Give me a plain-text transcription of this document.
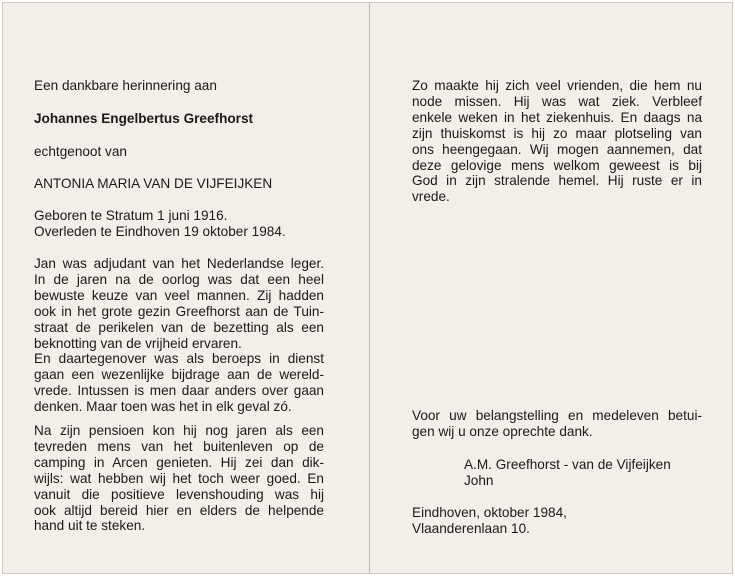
Een dankbare herinnering aan
Johannes Engelbertus Greefhorst
echtgenoot van
ANTONIA MARIA VAN DE VIJFEIJKEN
Geboren te Stratum 1 juni 1916.
Overleden te Eindhoven 19 oktober 1984.
Jan was adjudant van het Nederlandse leger.
In de jaren na de oorlog was dat een heel
bewuste keuze van veel mannen. Zij hadden
ook in het grote gezin Greefhorst aan de Tuin-
straat de perikelen van de bezetting als een
beknotting van de vrijheid ervaren.
En daartegenover was als beroeps in dienst
gaan een wezenlijke bijdrage aan de wereld-
vrede. Intussen is men daar anders over gaan
denken. Maar toen was het in elk geval zó.
Na zijn pensioen kon hij nog jaren als een
tevreden mens van het buitenleven op de
camping in Arcen genieten. Hij zei dan dik-
wijls: wat hebben wij het toch weer goed. En
vanuit die positieve levenshouding was hij
ook altijd bereid hier en elders de helpende
hand uit te steken.
Zo maakte hij zich veel vrienden, die hem nu
node missen. Hij was wat ziek. Verbleef
enkele weken in het ziekenhuis. En daags na
zijn thuiskomst is hij zo maar plotseling van
ons heengegaan. Wij mogen aannemen, dat
deze gelovige mens welkom geweest is bij
God in zijn stralende hemel. Hij ruste er in
vrede.
Voor uw belangstelling en medeleven betui-
gen wij u onze oprechte dank.
A.M. Greefhorst - van de Vijfeijken
John
Eindhoven, oktober 1984,
Vlaanderenlaan 10.
